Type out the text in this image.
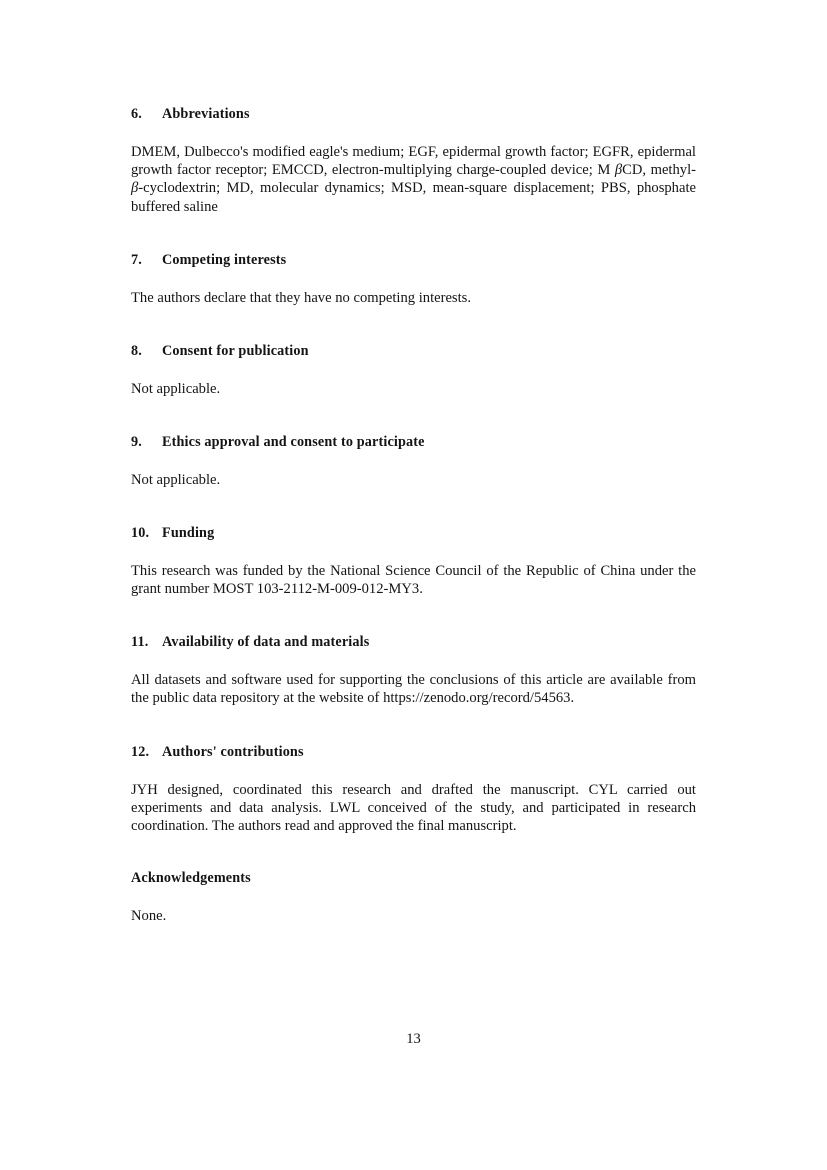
6. Abbreviations

DMEM, Dulbecco's modified eagle's medium; EGF, epidermal growth factor; EGFR, epidermal growth factor receptor; EMCCD, electron-multiplying charge-coupled device; M βCD, methyl- β-cyclodextrin; MD, molecular dynamics; MSD, mean-square displacement; PBS, phosphate buffered saline

7. Competing interests

The authors declare that they have no competing interests.

8. Consent for publication

Not applicable.

9. Ethics approval and consent to participate

Not applicable.

10. Funding

This research was funded by the National Science Council of the Republic of China under the grant number MOST 103-2112-M-009-012-MY3.

11. Availability of data and materials

All datasets and software used for supporting the conclusions of this article are available from the public data repository at the website of https://zenodo.org/record/54563.

12. Authors' contributions

JYH designed, coordinated this research and drafted the manuscript. CYL carried out experiments and data analysis. LWL conceived of the study, and participated in research coordination. The authors read and approved the final manuscript.

Acknowledgements

None.

13
